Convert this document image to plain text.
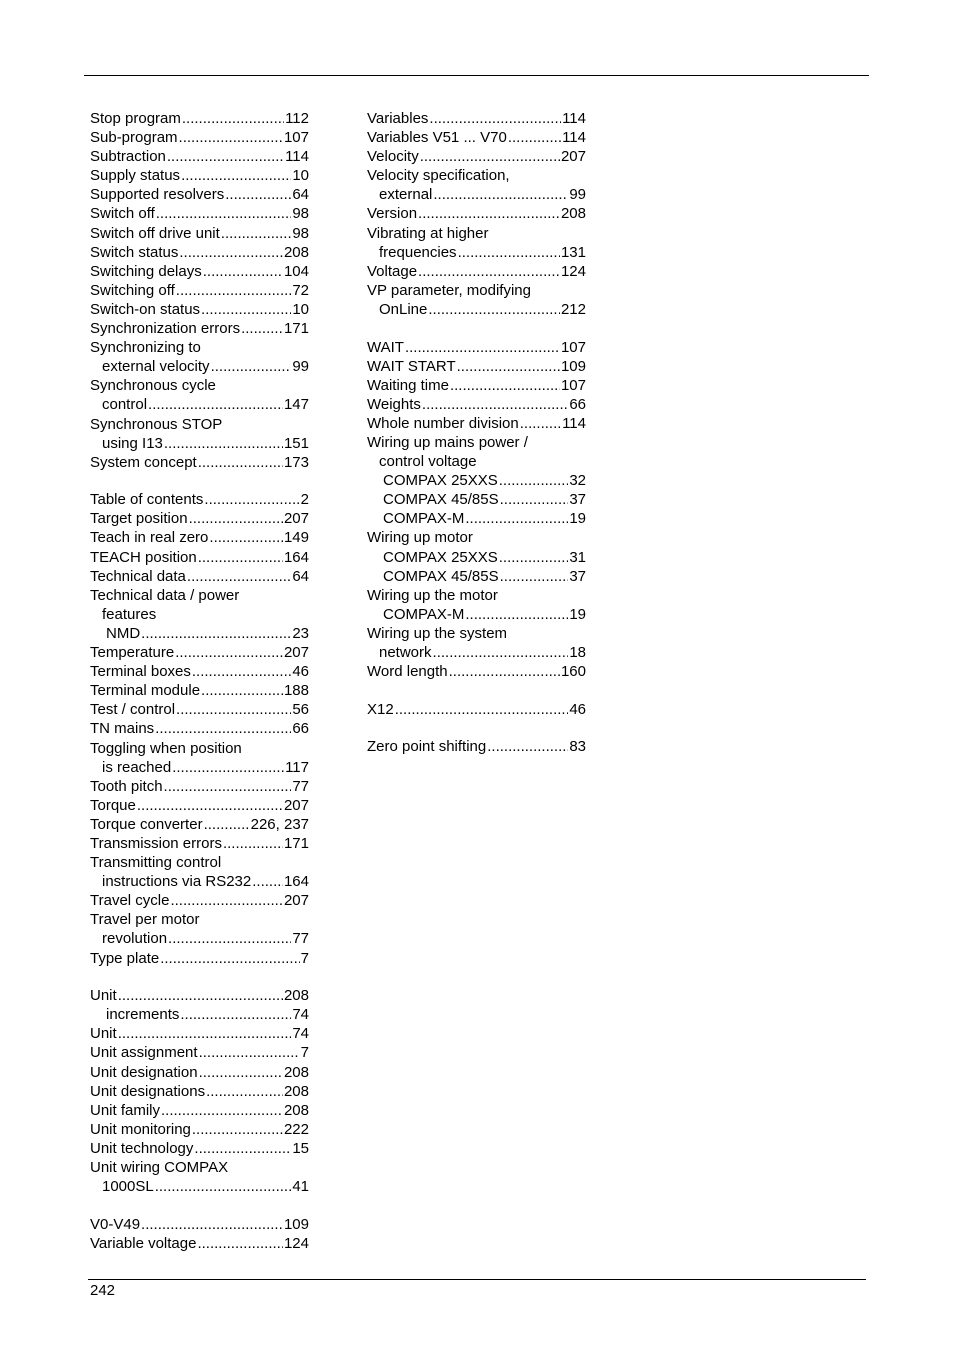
Stop program .....	112
Sub-program .....	107
Subtraction .....	114
Supply status .....	10
Supported resolvers .....	64
Switch off .....	98
Switch off drive unit .....	98
Switch status .....	208
Switching delays .....	104
Switching off .....	72
Switch-on status .....	10
Synchronization errors .....	171
Synchronizing to
external velocity .....	99
Synchronous cycle
control .....	147
Synchronous STOP
using I13 .....	151
System concept .....	173
Table of contents .....	2
Target position .....	207
Teach in real zero .....	149
TEACH position .....	164
Technical data .....	64
Technical data / power
features
NMD .....	23
Temperature .....	207
Terminal boxes .....	46
Terminal module .....	188
Test / control .....	56
TN mains .....	66
Toggling when position
is reached .....	117
Tooth pitch .....	77
Torque .....	207
Torque converter .....	226, 237
Transmission errors .....	171
Transmitting control
instructions via RS232 ..... 164
Travel cycle .....	207
Travel per motor
revolution .....	77
Type plate .....	7
Unit .....	208
increments .....	74
Unit .....	74
Unit assignment .....	7
Unit designation .....	208
Unit designations .....	208
Unit family .....	208
Unit monitoring .....	222
Unit technology .....	15
Unit wiring COMPAX
1000SL .....	41
V0-V49 .....	109
Variable voltage .....	124
Variables .....	114
Variables V51 ... V70 .....	114
Velocity .....	207
Velocity specification,
external .....	99
Version .....	208
Vibrating at higher
frequencies .....	131
Voltage .....	124
VP parameter, modifying
OnLine .....	212
WAIT .....	107
WAIT START .....	109
Waiting time .....	107
Weights .....	66
Whole number division .....	114
Wiring up mains power /
control voltage
COMPAX 25XXS .....	32
COMPAX 45/85S .....	37
COMPAX-M .....	19
Wiring up motor
COMPAX 25XXS .....	31
COMPAX 45/85S .....	37
Wiring up the motor
COMPAX-M .....	19
Wiring up the system
network .....	18
Word length .....	160
X12 .....	46
Zero point shifting .....	83
242
